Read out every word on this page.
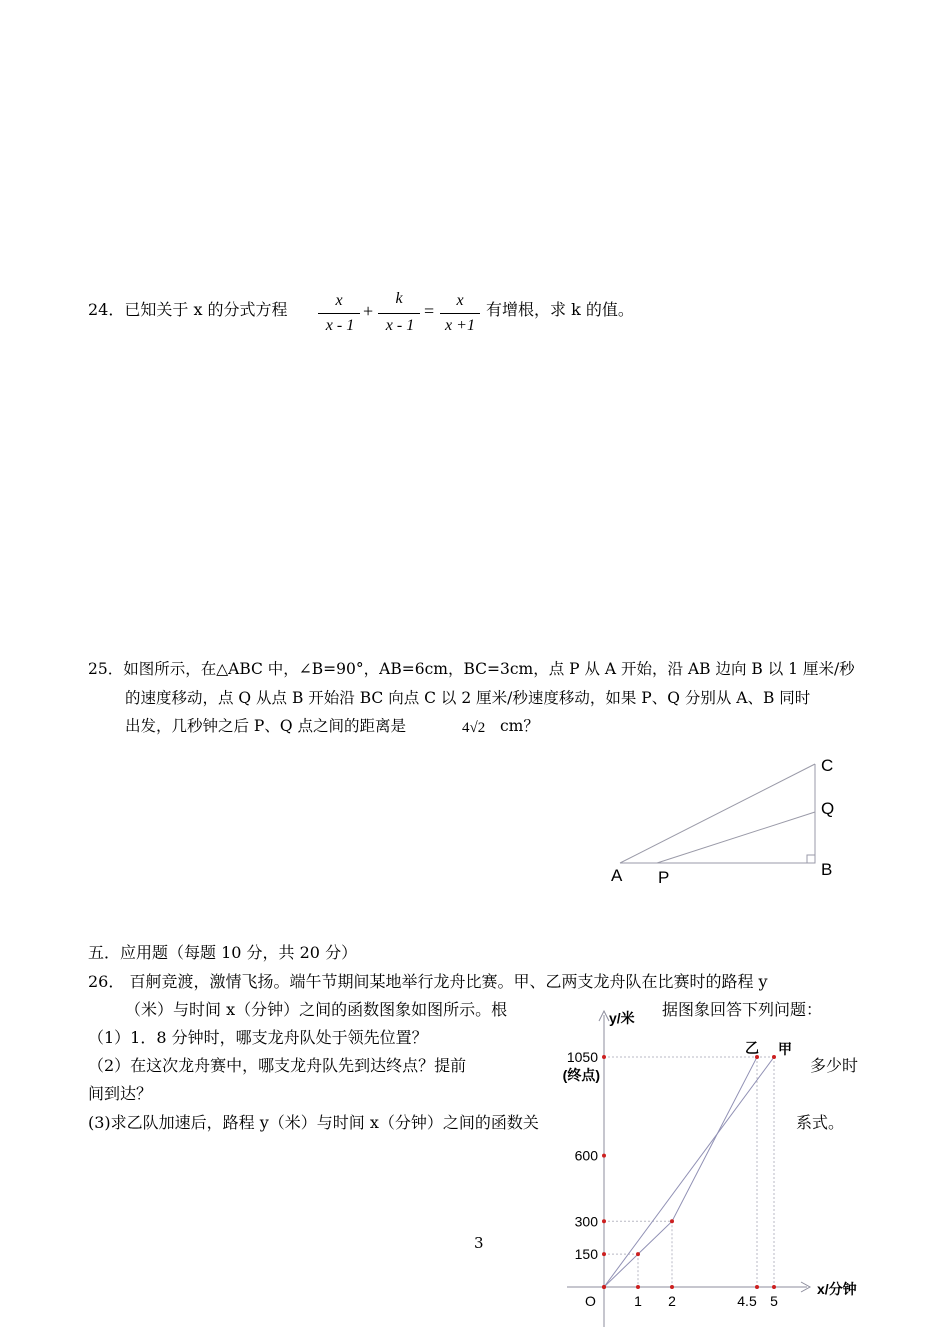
24．已知关于 x 的分式方程	x
x - 1
+
k
x - 1
=
x
x +1
有增根，求 k 的值。
25．如图所示，在△ABC 中，∠B=90°，AB=6cm，BC=3cm，点 P 从 A 开始，沿 AB 边向 B 以 1 厘米/秒
的速度移动，点 Q 从点 B 开始沿 BC 向点 C 以 2 厘米/秒速度移动，如果 P、Q 分别从 A、B 同时
出发，几秒钟之后 P、Q 点之间的距离是	4√2 cm？
A P	B
Q
C
五．应用题（每题 10 分，共 20 分）
26． 百舸竞渡，激情飞扬。端午节期间某地举行龙舟比赛。甲、乙两支龙舟队在比赛时的路程 y
（米）与时间 x（分钟）之间的函数图象如图所示。根	据图象回答下列问题：
（1）1．8 分钟时，哪支龙舟队处于领先位置？
（2）在这次龙舟赛中，哪支龙舟队先到达终点？提前	多少时
间到达？
(3)求乙队加速后，路程 y（米）与时间 x（分钟）之间的函数关	系式。
3
y/米
x/分钟
O
150
300
600
1050
(终点)
1 2	4.5 5
乙 甲
